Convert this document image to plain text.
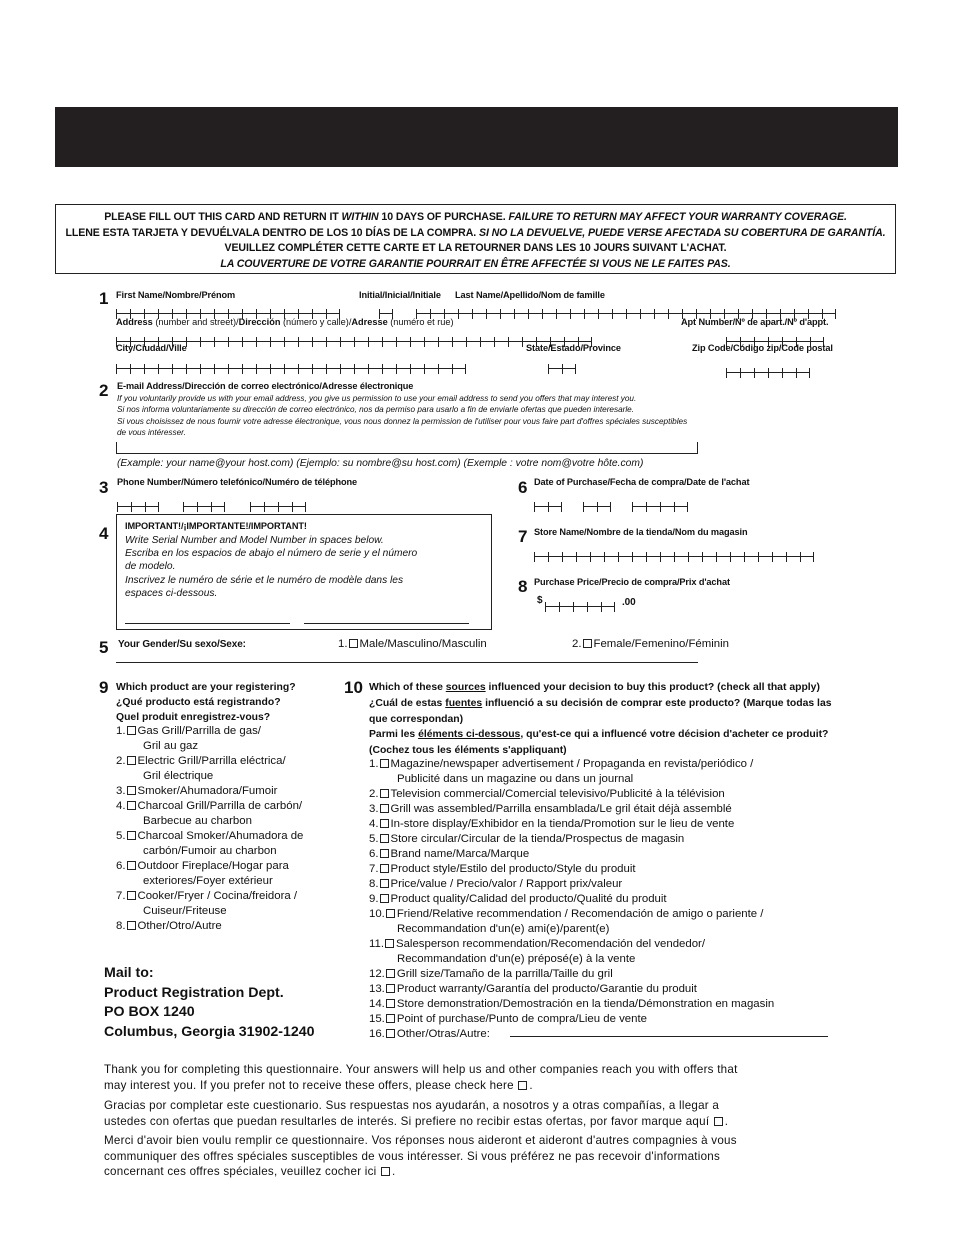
PLEASE FILL OUT THIS CARD AND RETURN IT WITHIN 10 DAYS OF PURCHASE. FAILURE TO RETURN MAY AFFECT YOUR WARRANTY COVERAGE.
LLENE ESTA TARJETA Y DEVUÉLVALA DENTRO DE LOS 10 DÍAS DE LA COMPRA. SI NO LA DEVUELVE, PUEDE VERSE AFECTADA SU COBERTURA DE GARANTÍA.
VEUILLEZ COMPLÉTER CETTE CARTE ET LA RETOURNER DANS LES 10 JOURS SUIVANT L'ACHAT.
LA COUVERTURE DE VOTRE GARANTIE POURRAIT EN ÊTRE AFFECTÉE SI VOUS NE LE FAITES PAS.
1 First Name/Nombre/Prénom	Initial/Inicial/Initiale Last Name/Apellido/Nom de famille
Address (number and street)/Dirección (número y calle)/Adresse (numéro et rue)	Apt Number/Nº de apart./Nº d'appt.
City/Ciudad/Ville	State/Estado/Province	Zip Code/Código zip/Code postal
2 E-mail Address/Dirección de correo electrónico/Adresse électronique
If you voluntarily provide us with your email address, you give us permission to use your email address to send you offers that may interest you.
Si nos informa voluntariamente su dirección de correo electrónico, nos da permiso para usarlo a fin de enviarle ofertas que pueden interesarle.
Si vous choisissez de nous fournir votre adresse électronique, vous nous donnez la permission de l'utiliser pour vous faire part d'offres spéciales susceptibles
de vous intéresser.
(Example: your name@your host.com) (Ejemplo: su nombre@su host.com) (Exemple : votre nom@votre hôte.com)
3 Phone Number/Número telefónico/Numéro de téléphone
4 IMPORTANT!/¡IMPORTANTE!/IMPORTANT!
Write Serial Number and Model Number in spaces below.
Escriba en los espacios de abajo el número de serie y el número
de modelo.
Inscrivez le numéro de série et le numéro de modèle dans les
espaces ci-dessous.
6 Date of Purchase/Fecha de compra/Date de l'achat
7 Store Name/Nombre de la tienda/Nom du magasin
8 Purchase Price/Precio de compra/Prix d'achat
$	.00
5 Your Gender/Su sexo/Sexe:	1. Male/Masculino/Masculin	2. Female/Femenino/Féminin
9 Which product are your registering?
¿Qué producto está registrando?
Quel produit enregistrez-vous?
1. Gas Grill/Parrilla de gas/
Gril au gaz
2. Electric Grill/Parrilla eléctrica/
Gril électrique
3. Smoker/Ahumadora/Fumoir
4. Charcoal Grill/Parrilla de carbón/
Barbecue au charbon
5. Charcoal Smoker/Ahumadora de
carbón/Fumoir au charbon
6. Outdoor Fireplace/Hogar para
exteriores/Foyer extérieur
7. Cooker/Fryer / Cocina/freidora /
Cuiseur/Friteuse
8. Other/Otro/Autre
Mail to:
Product Registration Dept.
PO BOX 1240
Columbus, Georgia 31902-1240
10 Which of these sources influenced your decision to buy this product? (check all that apply)
¿Cuál de estas fuentes influenció a su decisión de comprar este producto? (Marque todas las
que correspondan)
Parmi les éléments ci-dessous, qu'est-ce qui a influencé votre décision d'acheter ce produit?
(Cochez tous les éléments s'appliquant)
1. Magazine/newspaper advertisement / Propaganda en revista/periódico /
Publicité dans un magazine ou dans un journal
2. Television commercial/Comercial televisivo/Publicité à la télévision
3. Grill was assembled/Parrilla ensamblada/Le gril était déjà assemblé
4. In-store display/Exhibidor en la tienda/Promotion sur le lieu de vente
5. Store circular/Circular de la tienda/Prospectus de magasin
6. Brand name/Marca/Marque
7. Product style/Estilo del producto/Style du produit
8. Price/value / Precio/valor / Rapport prix/valeur
9. Product quality/Calidad del producto/Qualité du produit
10. Friend/Relative recommendation / Recomendación de amigo o pariente /
Recommandation d'un(e) ami(e)/parent(e)
11. Salesperson recommendation/Recomendación del vendedor/
Recommandation d'un(e) préposé(e) à la vente
12. Grill size/Tamaño de la parrilla/Taille du gril
13. Product warranty/Garantía del producto/Garantie du produit
14. Store demonstration/Demostración en la tienda/Démonstration en magasin
15. Point of purchase/Punto de compra/Lieu de vente
16. Other/Otras/Autre:
Thank you for completing this questionnaire. Your answers will help us and other companies reach you with offers that
may interest you. If you prefer not to receive these offers, please check here .
Gracias por completar este cuestionario. Sus respuestas nos ayudarán, a nosotros y a otras compañías, a llegar a
ustedes con ofertas que puedan resultarles de interés. Si prefiere no recibir estas ofertas, por favor marque aquí .
Merci d'avoir bien voulu remplir ce questionnaire. Vos réponses nous aideront et aideront d'autres compagnies à vous
communiquer des offres spéciales susceptibles de vous intéresser. Si vous préférez ne pas recevoir d'informations
concernant ces offres spéciales, veuillez cocher ici .
